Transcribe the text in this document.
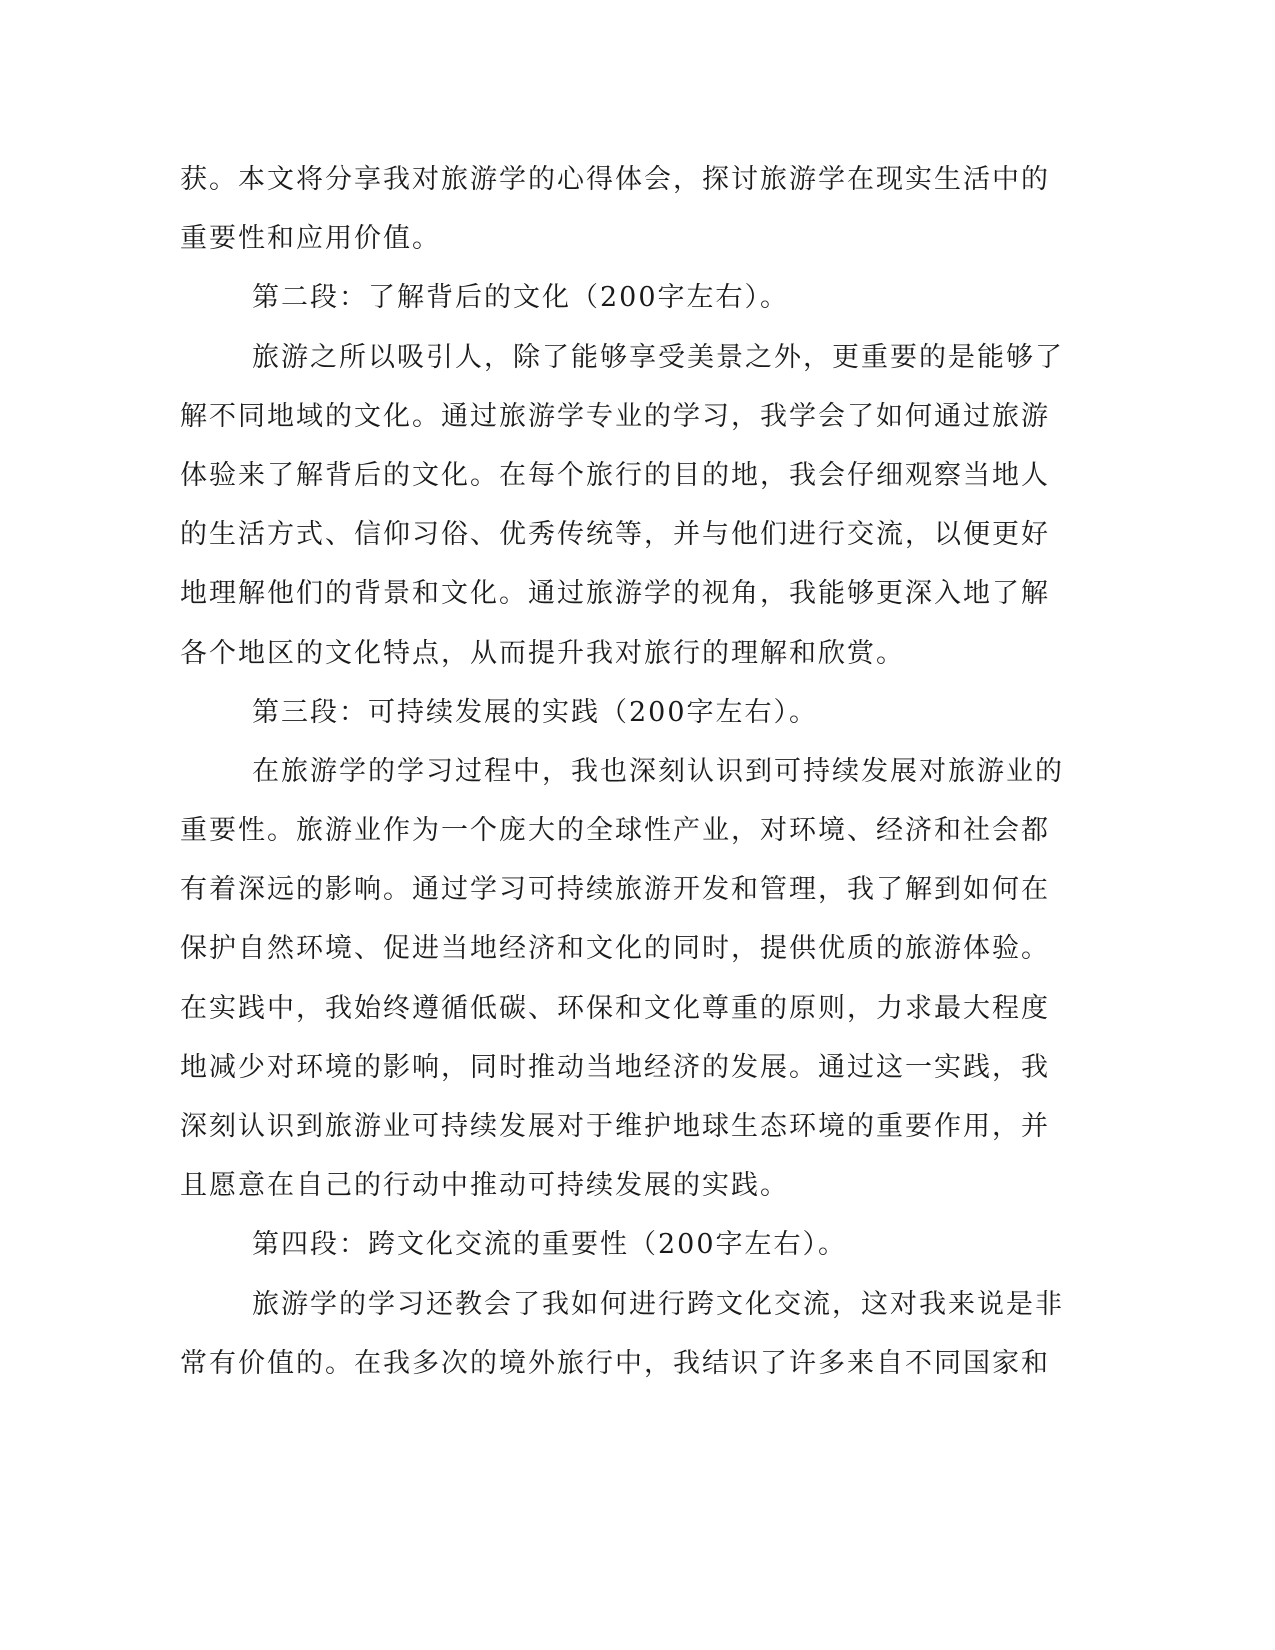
获。本文将分享我对旅游学的心得体会，探讨旅游学在现实生活中的
重要性和应用价值。
第二段：了解背后的文化（200字左右）。
旅游之所以吸引人，除了能够享受美景之外，更重要的是能够了
解不同地域的文化。通过旅游学专业的学习，我学会了如何通过旅游
体验来了解背后的文化。在每个旅行的目的地，我会仔细观察当地人
的生活方式、信仰习俗、优秀传统等，并与他们进行交流，以便更好
地理解他们的背景和文化。通过旅游学的视角，我能够更深入地了解
各个地区的文化特点，从而提升我对旅行的理解和欣赏。
第三段：可持续发展的实践（200字左右）。
在旅游学的学习过程中，我也深刻认识到可持续发展对旅游业的
重要性。旅游业作为一个庞大的全球性产业，对环境、经济和社会都
有着深远的影响。通过学习可持续旅游开发和管理，我了解到如何在
保护自然环境、促进当地经济和文化的同时，提供优质的旅游体验。
在实践中，我始终遵循低碳、环保和文化尊重的原则，力求最大程度
地减少对环境的影响，同时推动当地经济的发展。通过这一实践，我
深刻认识到旅游业可持续发展对于维护地球生态环境的重要作用，并
且愿意在自己的行动中推动可持续发展的实践。
第四段：跨文化交流的重要性（200字左右）。
旅游学的学习还教会了我如何进行跨文化交流，这对我来说是非
常有价值的。在我多次的境外旅行中，我结识了许多来自不同国家和
